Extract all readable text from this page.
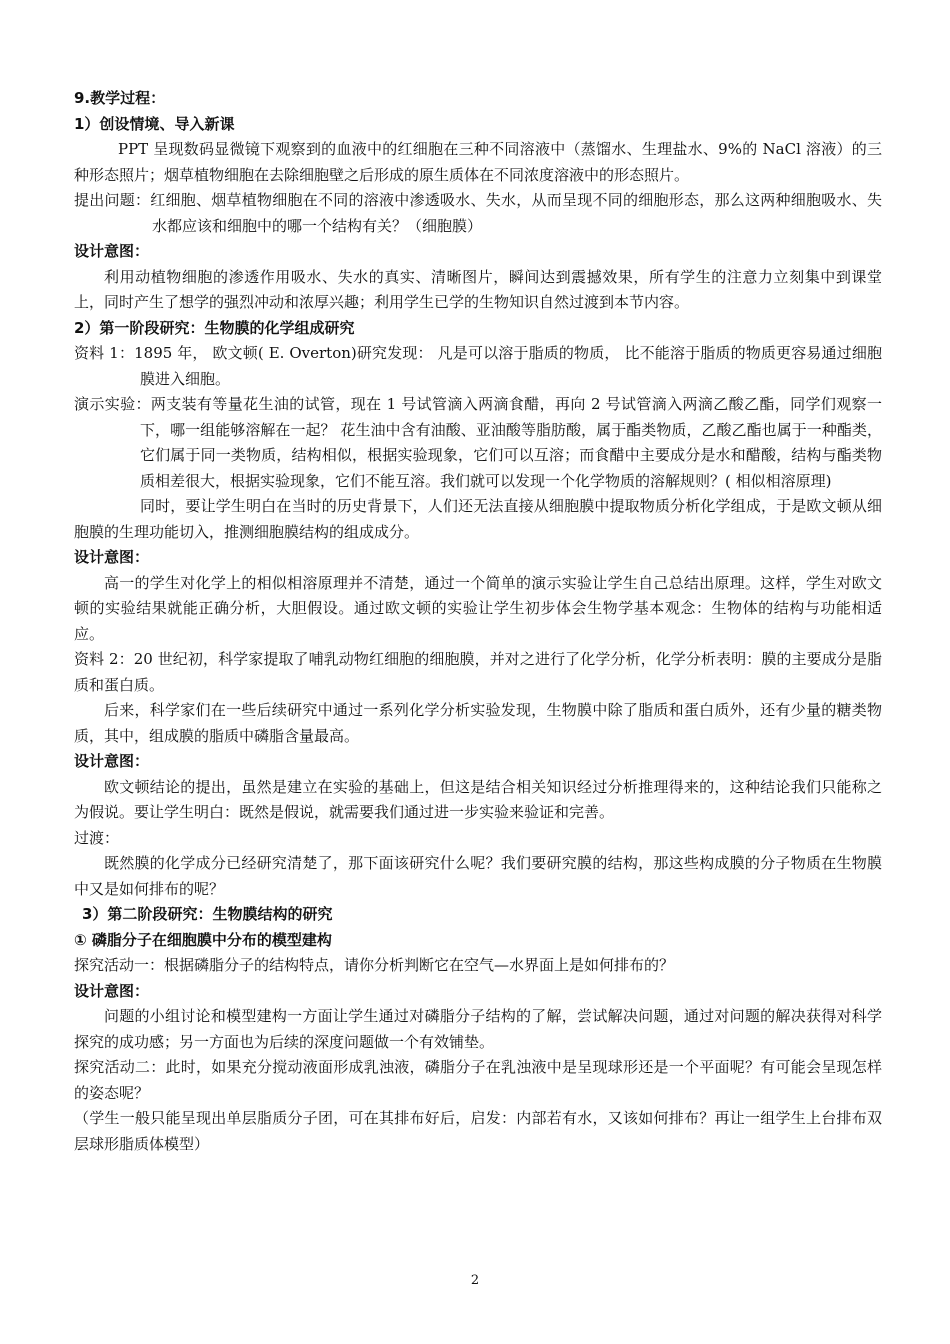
9.教学过程：

1）创设情境、导入新课

PPT 呈现数码显微镜下观察到的血液中的红细胞在三种不同溶液中（蒸馏水、生理盐水、9%的 NaCl 溶液）的三种形态照片；烟草植物细胞在去除细胞壁之后形成的原生质体在不同浓度溶液中的形态照片。

提出问题：红细胞、烟草植物细胞在不同的溶液中渗透吸水、失水，从而呈现不同的细胞形态，那么这两种细胞吸水、失水都应该和细胞中的哪一个结构有关？（细胞膜）

设计意图：

利用动植物细胞的渗透作用吸水、失水的真实、清晰图片，瞬间达到震撼效果，所有学生的注意力立刻集中到课堂上，同时产生了想学的强烈冲动和浓厚兴趣；利用学生已学的生物知识自然过渡到本节内容。

2）第一阶段研究：生物膜的化学组成研究

资料 1：1895 年， 欧文顿( E. Overton)研究发现： 凡是可以溶于脂质的物质， 比不能溶于脂质的物质更容易通过细胞膜进入细胞。

演示实验：两支装有等量花生油的试管，现在 1 号试管滴入两滴食醋，再向 2 号试管滴入两滴乙酸乙酯，同学们观察一下，哪一组能够溶解在一起？ 花生油中含有油酸、亚油酸等脂肪酸，属于酯类物质，乙酸乙酯也属于一种酯类，它们属于同一类物质，结构相似，根据实验现象，它们可以互溶；而食醋中主要成分是水和醋酸，结构与酯类物质相差很大，根据实验现象，它们不能互溶。我们就可以发现一个化学物质的溶解规则？( 相似相溶原理)

同时，要让学生明白在当时的历史背景下，人们还无法直接从细胞膜中提取物质分析化学组成，于是欧文顿从细胞膜的生理功能切入，推测细胞膜结构的组成成分。

设计意图：

高一的学生对化学上的相似相溶原理并不清楚，通过一个简单的演示实验让学生自己总结出原理。这样，学生对欧文顿的实验结果就能正确分析，大胆假设。通过欧文顿的实验让学生初步体会生物学基本观念：生物体的结构与功能相适应。

资料 2：20 世纪初，科学家提取了哺乳动物红细胞的细胞膜，并对之进行了化学分析，化学分析表明：膜的主要成分是脂质和蛋白质。

后来，科学家们在一些后续研究中通过一系列化学分析实验发现，生物膜中除了脂质和蛋白质外，还有少量的糖类物质，其中，组成膜的脂质中磷脂含量最高。

设计意图：

欧文顿结论的提出，虽然是建立在实验的基础上，但这是结合相关知识经过分析推理得来的，这种结论我们只能称之为假说。要让学生明白：既然是假说，就需要我们通过进一步实验来验证和完善。

过渡：

既然膜的化学成分已经研究清楚了，那下面该研究什么呢？我们要研究膜的结构，那这些构成膜的分子物质在生物膜中又是如何排布的呢？

3）第二阶段研究：生物膜结构的研究

① 磷脂分子在细胞膜中分布的模型建构

探究活动一：根据磷脂分子的结构特点，请你分析判断它在空气—水界面上是如何排布的？

设计意图：

问题的小组讨论和模型建构一方面让学生通过对磷脂分子结构的了解，尝试解决问题，通过对问题的解决获得对科学探究的成功感；另一方面也为后续的深度问题做一个有效铺垫。

探究活动二：此时，如果充分搅动液面形成乳浊液，磷脂分子在乳浊液中是呈现球形还是一个平面呢？有可能会呈现怎样的姿态呢？

（学生一般只能呈现出单层脂质分子团，可在其排布好后，启发：内部若有水，又该如何排布？再让一组学生上台排布双层球形脂质体模型）

2
